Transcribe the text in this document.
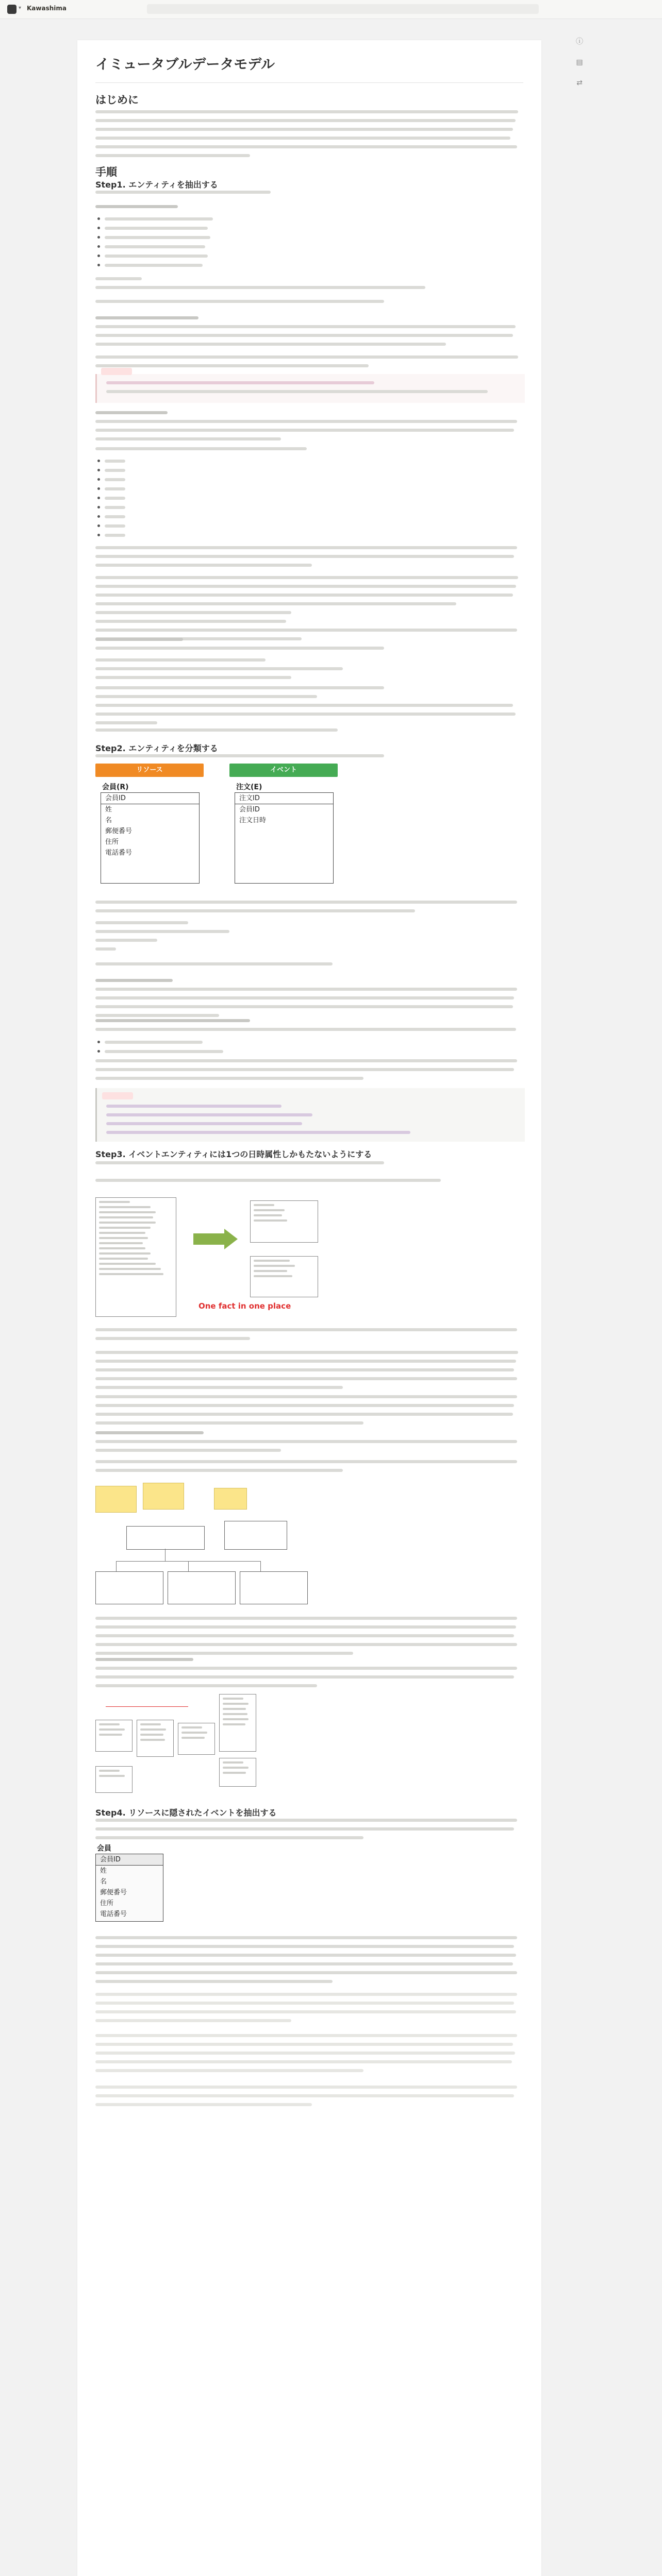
▾ Kawashima
ⓘ
▤
⇄
イミュータブルデータモデル
はじめに
手順
Step1. エンティティを抽出する
Step2. エンティティを分類する
リソース	イベント
会員(R)
会員ID
姓
名
郵便番号
住所
電話番号
注文(E)
注文ID
会員ID
注文日時
Step3. イベントエンティティには1つの日時属性しかもたないようにする
One fact in one place
Step4. リソースに隠されたイベントを抽出する
会員
会員ID
姓
名
郵便番号
住所
電話番号
